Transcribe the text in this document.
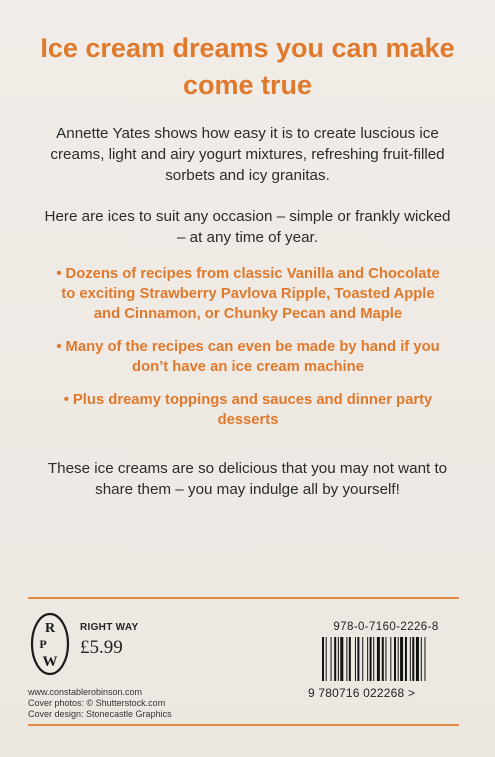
Ice cream dreams you can make come true
Annette Yates shows how easy it is to create luscious ice creams, light and airy yogurt mixtures, refreshing fruit-filled sorbets and icy granitas.
Here are ices to suit any occasion – simple or frankly wicked – at any time of year.
• Dozens of recipes from classic Vanilla and Chocolate to exciting Strawberry Pavlova Ripple, Toasted Apple and Cinnamon, or Chunky Pecan and Maple
• Many of the recipes can even be made by hand if you don’t have an ice cream machine
• Plus dreamy toppings and sauces and dinner party desserts
These ice creams are so delicious that you may not want to share them – you may indulge all by yourself!
R
P
W
RIGHT WAY
£5.99
978-0-7160-2226-8
9 780716 022268 >
www.constablerobinson.com
Cover photos: © Shutterstock.com
Cover design: Stonecastle Graphics
